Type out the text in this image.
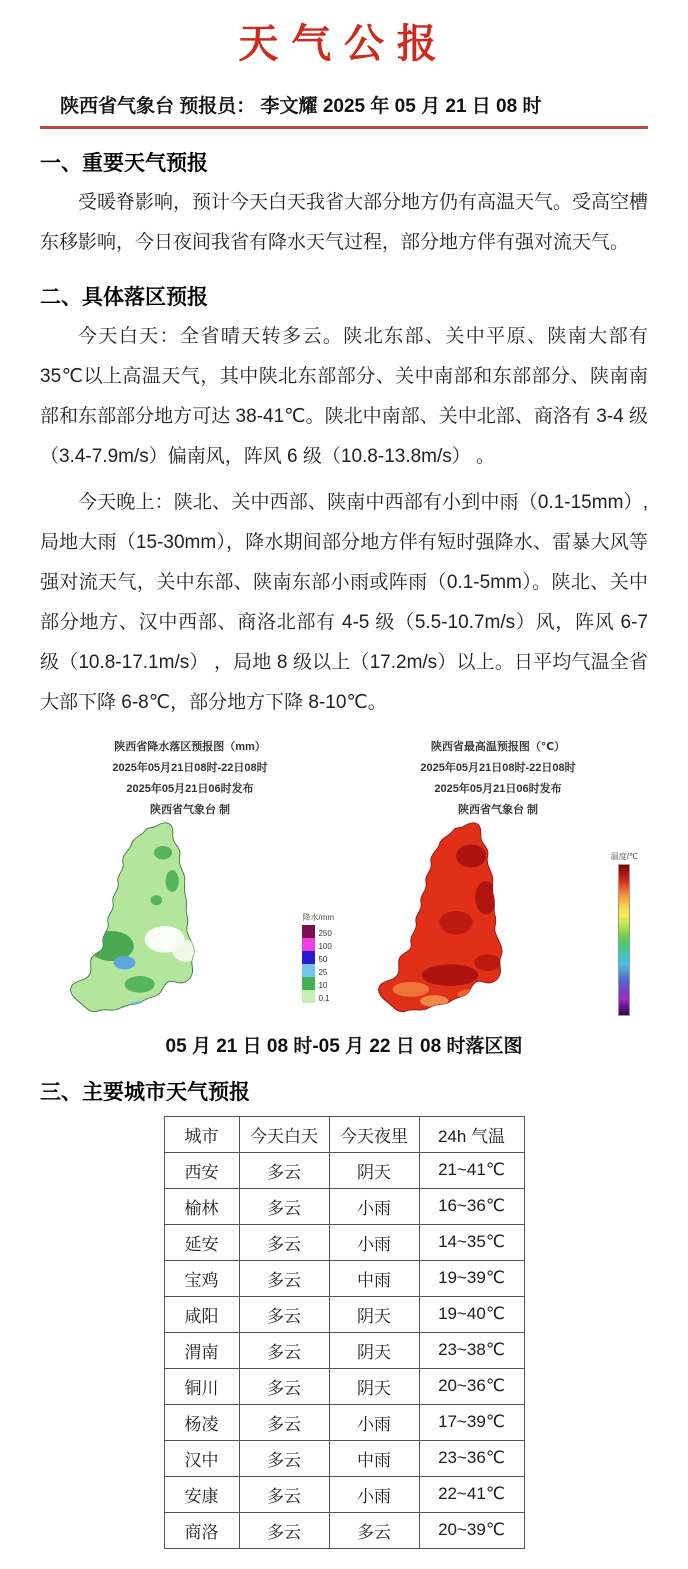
天气公报
陕西省气象台 预报员： 李文耀 2025 年 05 月 21 日 08 时
一、重要天气预报

受暖脊影响，预计今天白天我省大部分地方仍有高温天气。受高空槽东移影响，今日夜间我省有降水天气过程，部分地方伴有强对流天气。

二、具体落区预报

今天白天：全省晴天转多云。陕北东部、关中平原、陕南大部有 35℃以上高温天气，其中陕北东部部分、关中南部和东部部分、陕南南部和东部部分地方可达 38-41℃。陕北中南部、关中北部、商洛有 3-4 级（3.4-7.9m/s）偏南风，阵风 6 级（10.8-13.8m/s） 。

今天晚上：陕北、关中西部、陕南中西部有小到中雨（0.1-15mm）,局地大雨（15-30mm），降水期间部分地方伴有短时强降水、雷暴大风等强对流天气，关中东部、陕南东部小雨或阵雨（0.1-5mm）。陕北、关中部分地方、汉中西部、商洛北部有 4-5 级（5.5-10.7m/s）风，阵风 6-7 级（10.8-17.1m/s） ，局地 8 级以上（17.2m/s）以上。日平均气温全省大部下降 6-8℃，部分地方下降 8-10℃。

陕西省降水落区预报图（mm）
2025年05月21日08时-22日08时
2025年05月21日06时发布
陕西省气象台 制
降水/mm
250
100
50
25
10
0.1
陕西省最高温预报图（℃）
2025年05月21日08时-22日08时
2025年05月21日06时发布
陕西省气象台 制
温度/℃
05 月 21 日 08 时-05 月 22 日 08 时落区图
三、主要城市天气预报
城市	今天白天	今天夜里	24h 气温
西安	多云	阴天	21~41℃
榆林	多云	小雨	16~36℃
延安	多云	小雨	14~35℃
宝鸡	多云	中雨	19~39℃
咸阳	多云	阴天	19~40℃
渭南	多云	阴天	23~38℃
铜川	多云	阴天	20~36℃
杨凌	多云	小雨	17~39℃
汉中	多云	中雨	23~36℃
安康	多云	小雨	22~41℃
商洛	多云	多云	20~39℃
